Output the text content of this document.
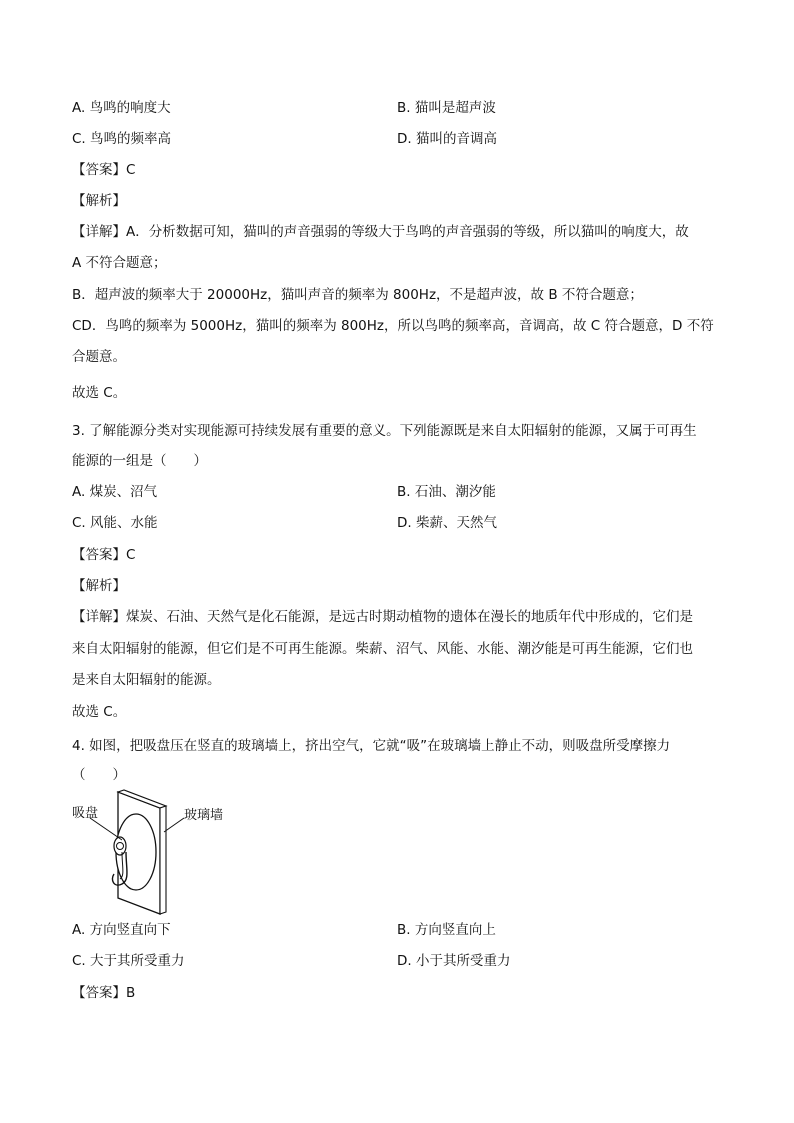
A. 鸟鸣的响度大	B. 猫叫是超声波
C. 鸟鸣的频率高	D. 猫叫的音调高
【答案】C
【解析】
【详解】A．分析数据可知，猫叫的声音强弱的等级大于鸟鸣的声音强弱的等级，所以猫叫的响度大，故
A 不符合题意；
B．超声波的频率大于 20000Hz，猫叫声音的频率为 800Hz，不是超声波，故 B 不符合题意；
CD．鸟鸣的频率为 5000Hz，猫叫的频率为 800Hz，所以鸟鸣的频率高，音调高，故 C 符合题意，D 不符
合题意。
故选 C。
3. 了解能源分类对实现能源可持续发展有重要的意义。下列能源既是来自太阳辐射的能源，又属于可再生
能源的一组是（　　）
A. 煤炭、沼气	B. 石油、潮汐能
C. 风能、水能	D. 柴薪、天然气
【答案】C
【解析】
【详解】煤炭、石油、天然气是化石能源，是远古时期动植物的遗体在漫长的地质年代中形成的，它们是
来自太阳辐射的能源，但它们是不可再生能源。柴薪、沼气、风能、水能、潮汐能是可再生能源，它们也
是来自太阳辐射的能源。
故选 C。
4. 如图，把吸盘压在竖直的玻璃墙上，挤出空气，它就“吸”在玻璃墙上静止不动，则吸盘所受摩擦力
（　　）
吸盘	玻璃墙
A. 方向竖直向下	B. 方向竖直向上
C. 大于其所受重力	D. 小于其所受重力
【答案】B
